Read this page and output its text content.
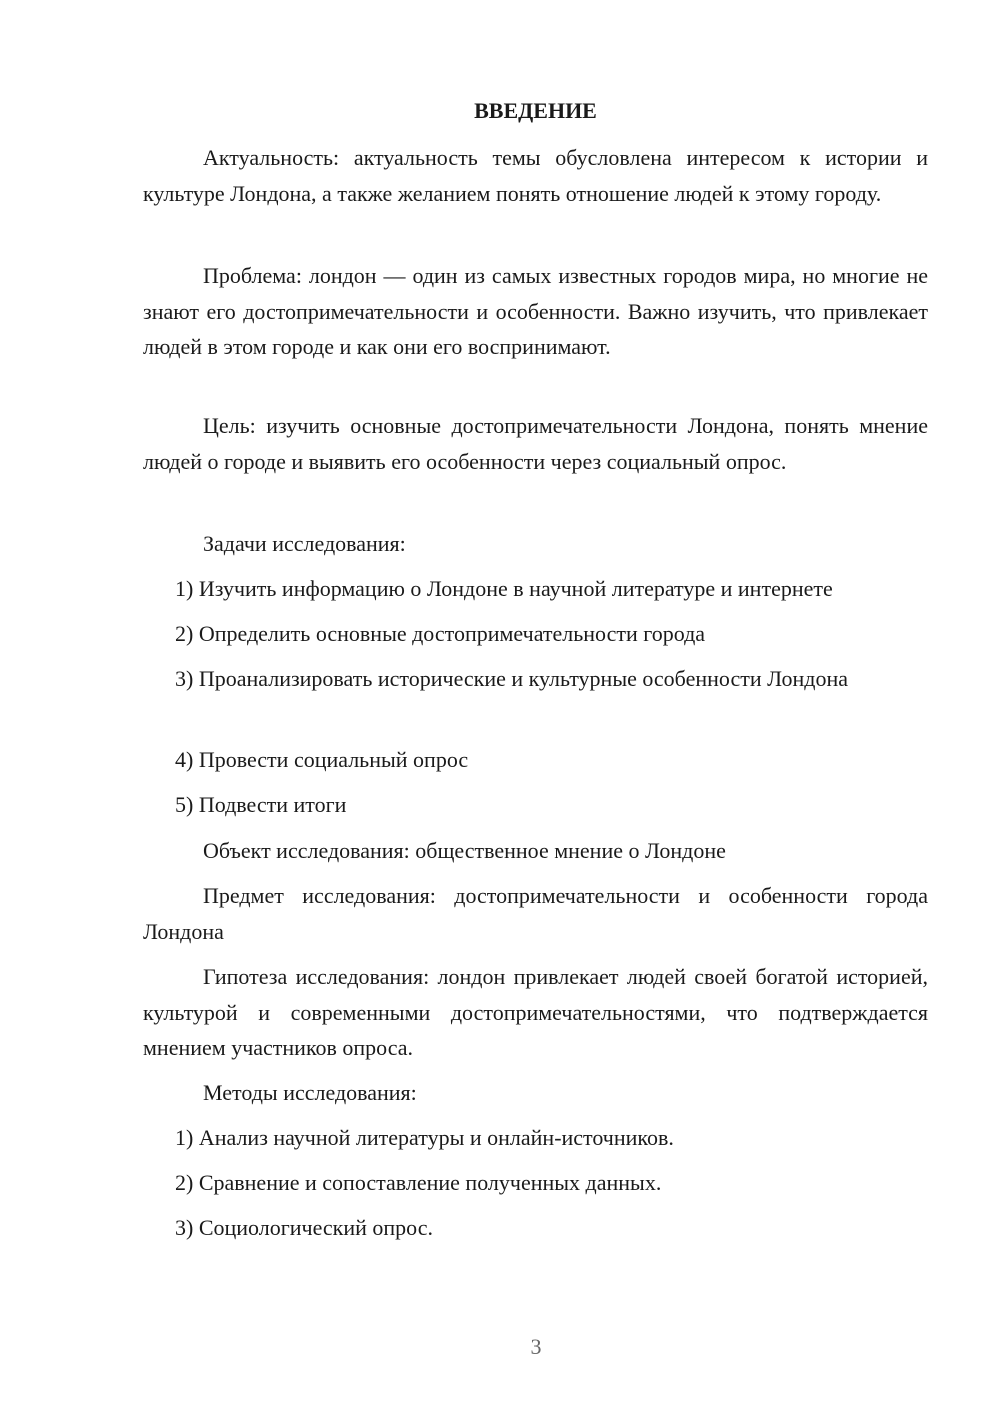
ВВЕДЕНИЕ

Актуальность: актуальность темы обусловлена интересом к истории и культуре Лондона, а также желанием понять отношение людей к этому городу.

Проблема: лондон — один из самых известных городов мира, но многие не знают его достопримечательности и особенности. Важно изучить, что привлекает людей в этом городе и как они его воспринимают.

Цель: изучить основные достопримечательности Лондона, понять мнение людей о городе и выявить его особенности через социальный опрос.

Задачи исследования:

1) Изучить информацию о Лондоне в научной литературе и интернете

2) Определить основные достопримечательности города

3) Проанализировать исторические и культурные особенности Лондона

4) Провести социальный опрос

5) Подвести итоги

Объект исследования: общественное мнение о Лондоне

Предмет исследования: достопримечательности и особенности города Лондона

Гипотеза исследования: лондон привлекает людей своей богатой историей, культурой и современными достопримечательностями, что подтверждается мнением участников опроса.

Методы исследования:

1) Анализ научной литературы и онлайн-источников.

2) Сравнение и сопоставление полученных данных.

3) Социологический опрос.

3
